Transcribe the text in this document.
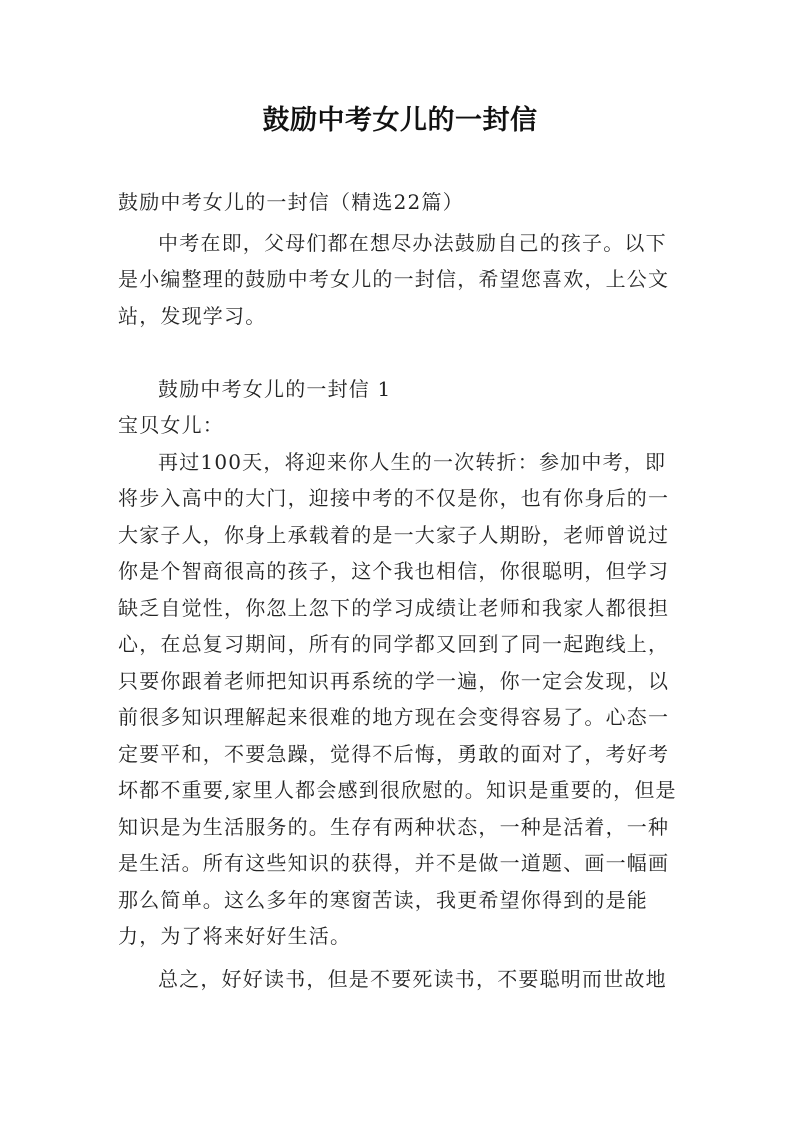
鼓励中考女儿的一封信

鼓励中考女儿的一封信（精选22篇）

中考在即，父母们都在想尽办法鼓励自己的孩子。以下是小编整理的鼓励中考女儿的一封信，希望您喜欢，上公文站，发现学习。

鼓励中考女儿的一封信 1

宝贝女儿：

再过100天，将迎来你人生的一次转折：参加中考，即将步入高中的大门，迎接中考的不仅是你，也有你身后的一大家子人，你身上承载着的是一大家子人期盼，老师曾说过你是个智商很高的孩子，这个我也相信，你很聪明，但学习缺乏自觉性，你忽上忽下的学习成绩让老师和我家人都很担心，在总复习期间，所有的同学都又回到了同一起跑线上，只要你跟着老师把知识再系统的学一遍，你一定会发现，以前很多知识理解起来很难的地方现在会变得容易了。心态一定要平和，不要急躁，觉得不后悔，勇敢的面对了，考好考坏都不重要,家里人都会感到很欣慰的。知识是重要的，但是知识是为生活服务的。生存有两种状态，一种是活着，一种是生活。所有这些知识的获得，并不是做一道题、画一幅画那么简单。这么多年的寒窗苦读，我更希望你得到的是能力，为了将来好好生活。

总之，好好读书，但是不要死读书，不要聪明而世故地
